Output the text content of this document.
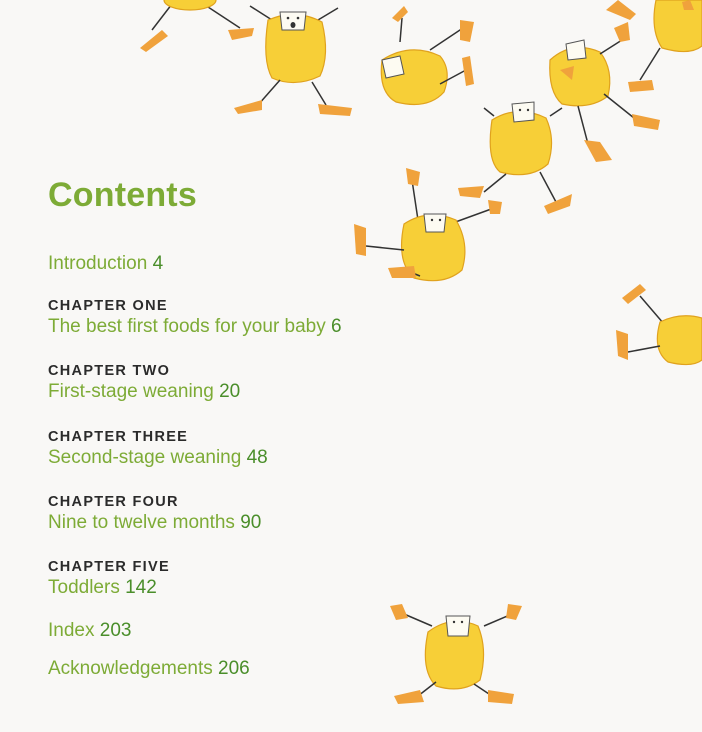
Contents
Introduction 4
CHAPTER ONE
The best first foods for your baby 6
CHAPTER TWO
First-stage weaning 20
CHAPTER THREE
Second-stage weaning 48
CHAPTER FOUR
Nine to twelve months 90
CHAPTER FIVE
Toddlers 142
Index 203
Acknowledgements 206
